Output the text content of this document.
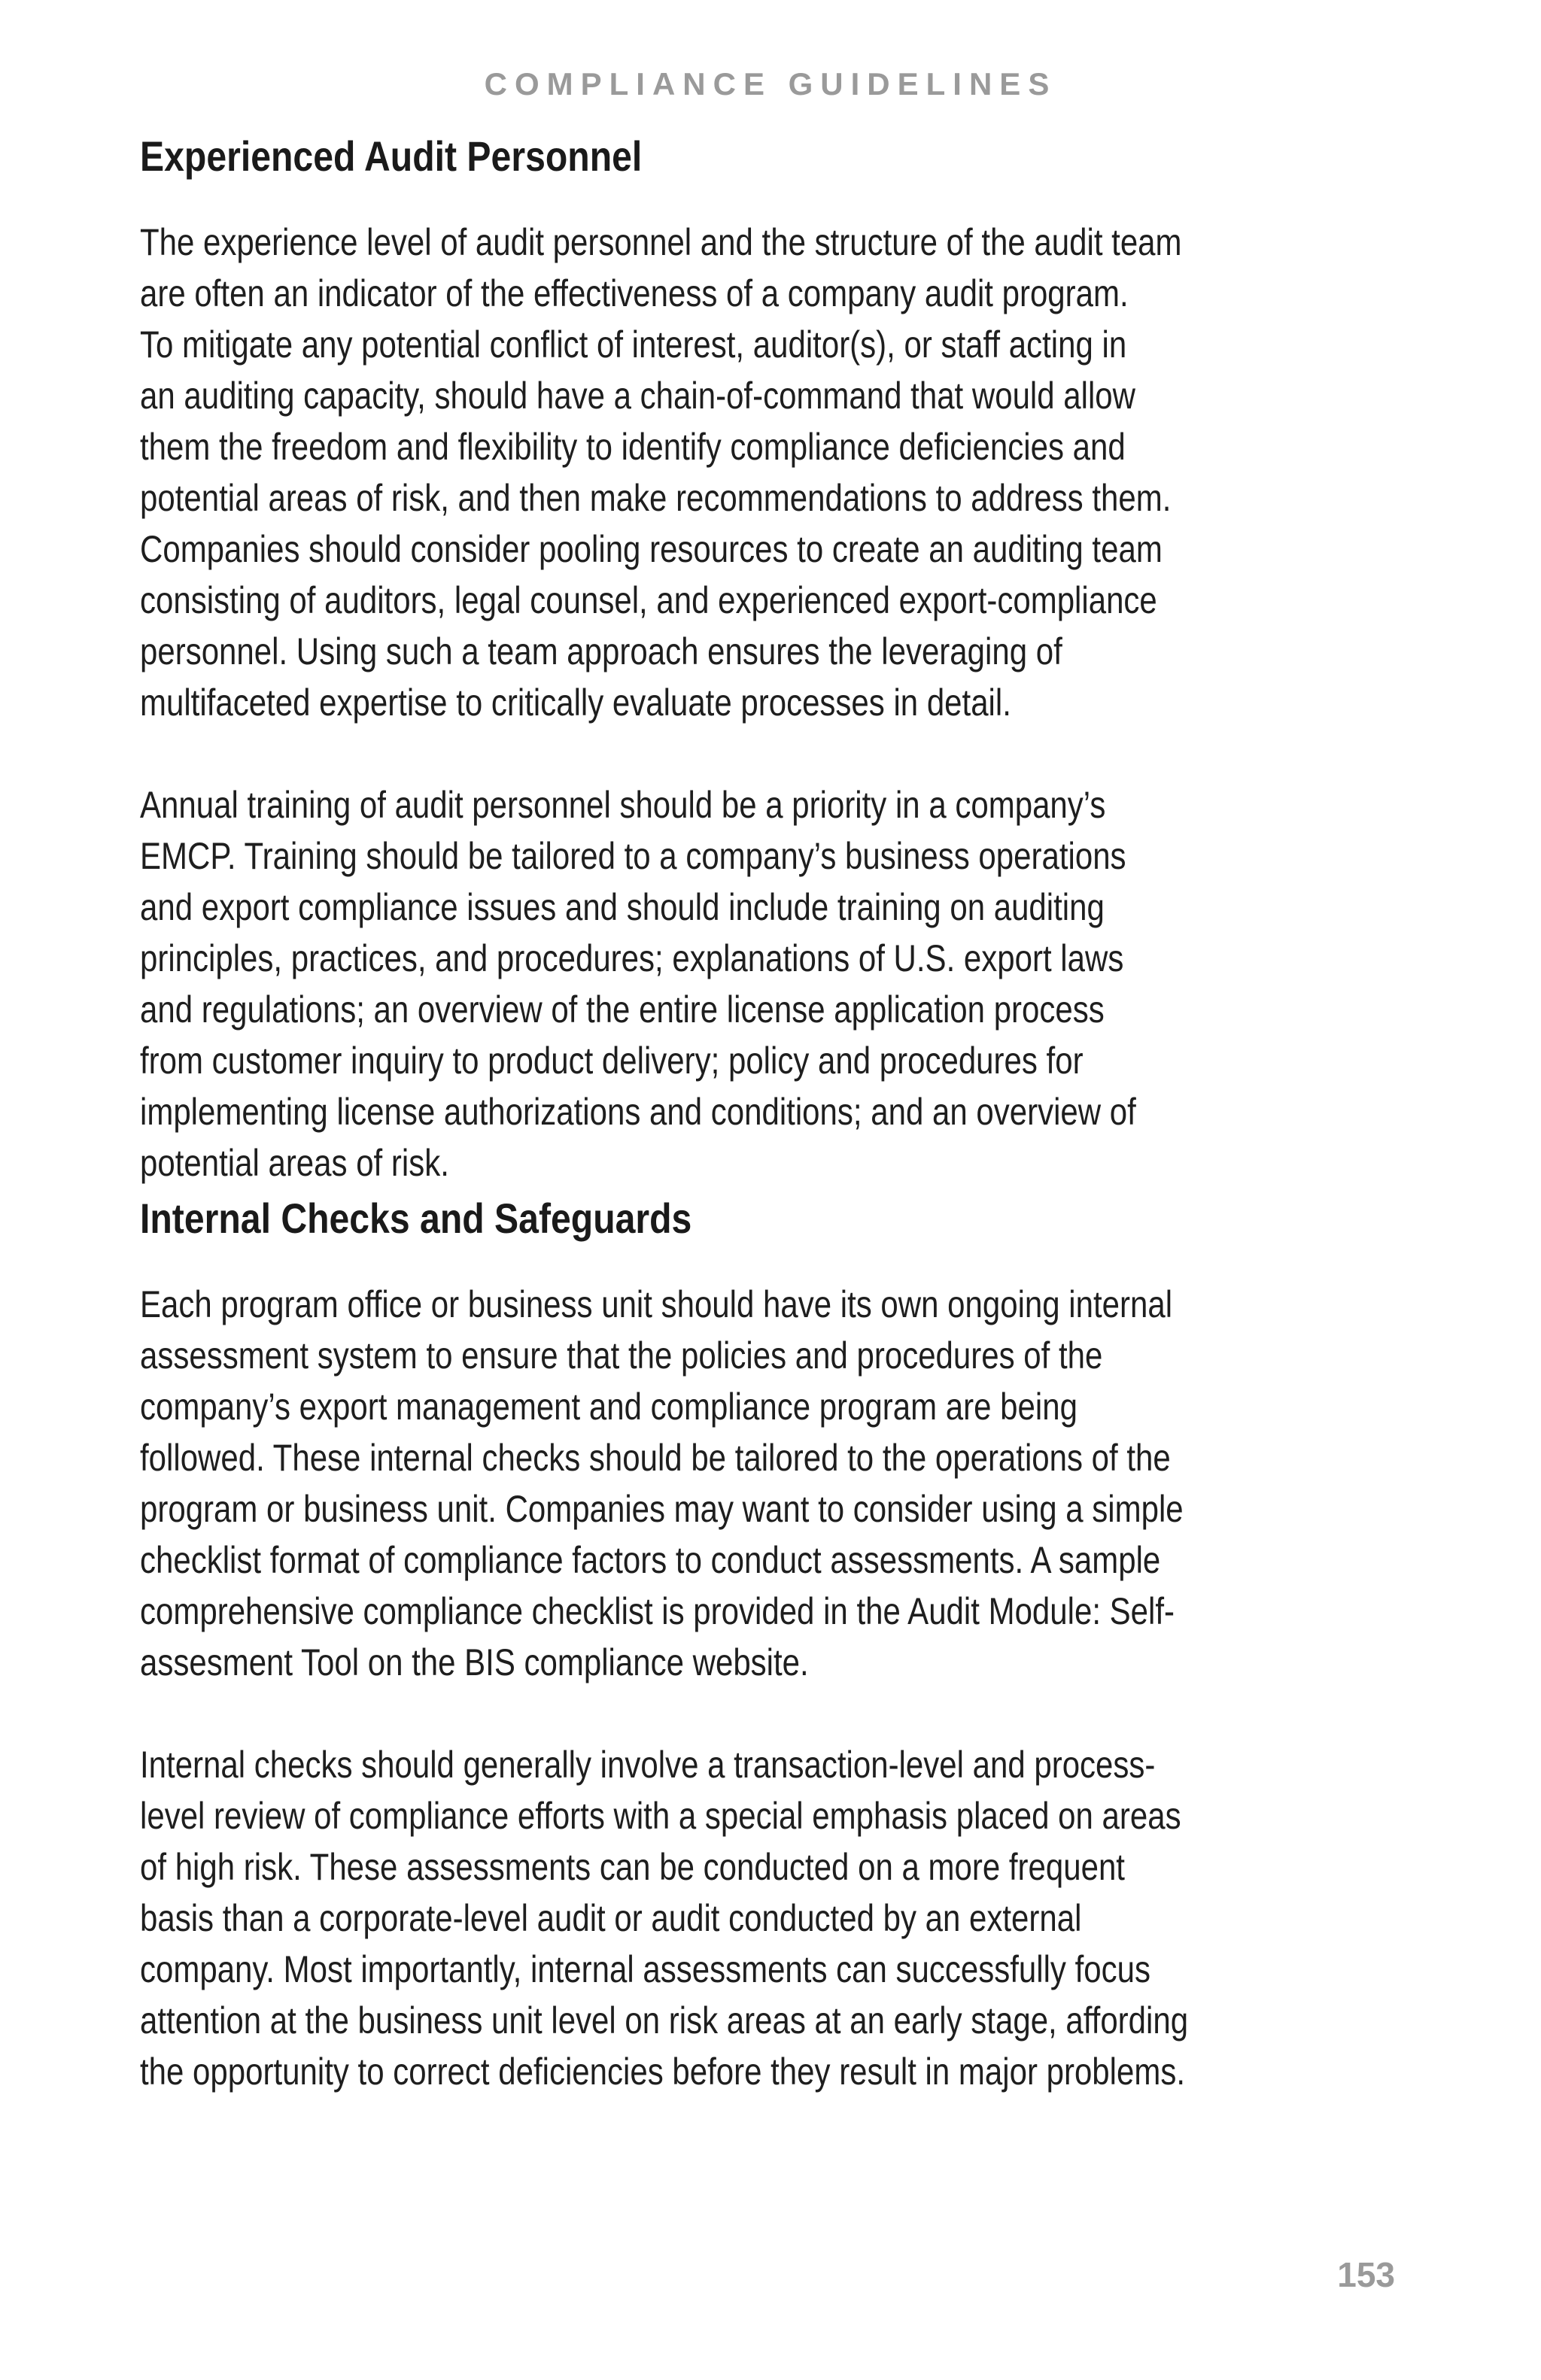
COMPLIANCE GUIDELINES
Experienced Audit Personnel

The experience level of audit personnel and the structure of the audit team
are often an indicator of the effectiveness of a company audit program.
To mitigate any potential conflict of interest, auditor(s), or staff acting in
an auditing capacity, should have a chain-of-command that would allow
them the freedom and flexibility to identify compliance deficiencies and
potential areas of risk, and then make recommendations to address them.
Companies should consider pooling resources to create an auditing team
consisting of auditors, legal counsel, and experienced export-compliance
personnel. Using such a team approach ensures the leveraging of
multifaceted expertise to critically evaluate processes in detail.

Annual training of audit personnel should be a priority in a company’s
EMCP. Training should be tailored to a company’s business operations
and export compliance issues and should include training on auditing
principles, practices, and procedures; explanations of U.S. export laws
and regulations; an overview of the entire license application process
from customer inquiry to product delivery; policy and procedures for
implementing license authorizations and conditions; and an overview of
potential areas of risk.

Internal Checks and Safeguards

Each program office or business unit should have its own ongoing internal
assessment system to ensure that the policies and procedures of the
company’s export management and compliance program are being
followed. These internal checks should be tailored to the operations of the
program or business unit. Companies may want to consider using a simple
checklist format of compliance factors to conduct assessments. A sample
comprehensive compliance checklist is provided in the Audit Module: Self-
assesment Tool on the BIS compliance website.

Internal checks should generally involve a transaction-level and process-
level review of compliance efforts with a special emphasis placed on areas
of high risk. These assessments can be conducted on a more frequent
basis than a corporate-level audit or audit conducted by an external
company. Most importantly, internal assessments can successfully focus
attention at the business unit level on risk areas at an early stage, affording
the opportunity to correct deficiencies before they result in major problems.

153
